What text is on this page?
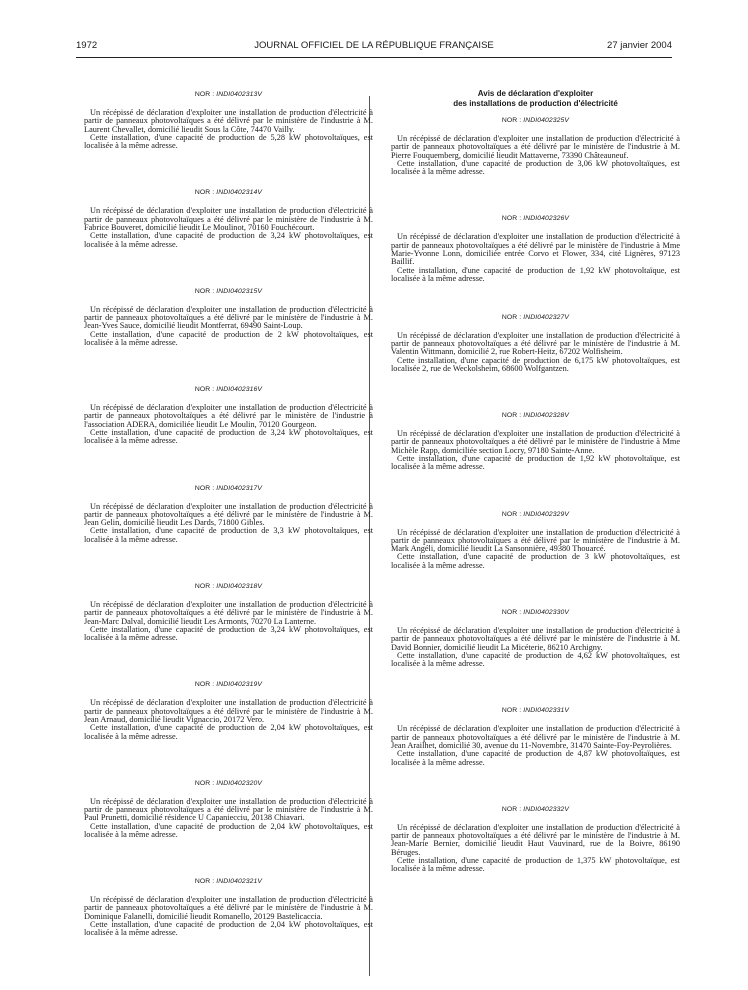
1972	JOURNAL OFFICIEL DE LA RÉPUBLIQUE FRANÇAISE	27 janvier 2004
NOR : INDI0402313V

Un récépissé de déclaration d'exploiter une installation de production d'électricité à partir de panneaux photovoltaïques a été délivré par le ministère de l'industrie à M. Laurent Chevallet, domicilié lieudit Sous la Côte, 74470 Vailly.

Cette installation, d'une capacité de production de 5,28 kW photovoltaïques, est localisée à la même adresse.

NOR : INDI0402314V

Un récépissé de déclaration d'exploiter une installation de production d'électricité à partir de panneaux photovoltaïques a été délivré par le ministère de l'industrie à M. Fabrice Bouveret, domicilié lieudit Le Moulinot, 70160 Fouchécourt.

Cette installation, d'une capacité de production de 3,24 kW photovoltaïques, est localisée à la même adresse.

NOR : INDI0402315V

Un récépissé de déclaration d'exploiter une installation de production d'électricité à partir de panneaux photovoltaïques a été délivré par le ministère de l'industrie à M. Jean-Yves Sauce, domicilié lieudit Montferrat, 69490 Saint-Loup.

Cette installation, d'une capacité de production de 2 kW photovoltaïques, est localisée à la même adresse.

NOR : INDI0402316V

Un récépissé de déclaration d'exploiter une installation de production d'électricité à partir de panneaux photovoltaïques a été délivré par le ministère de l'industrie à l'association ADERA, domiciliée lieudit Le Moulin, 70120 Gourgeon.

Cette installation, d'une capacité de production de 3,24 kW photovoltaïques, est localisée à la même adresse.

NOR : INDI0402317V

Un récépissé de déclaration d'exploiter une installation de production d'électricité à partir de panneaux photovoltaïques a été délivré par le ministère de l'industrie à M. Jean Gelin, domicilié lieudit Les Dards, 71800 Gibles.

Cette installation, d'une capacité de production de 3,3 kW photovoltaïques, est localisée à la même adresse.

NOR : INDI0402318V

Un récépissé de déclaration d'exploiter une installation de production d'électricité à partir de panneaux photovoltaïques a été délivré par le ministère de l'industrie à M. Jean-Marc Dalval, domicilié lieudit Les Armonts, 70270 La Lanterne.

Cette installation, d'une capacité de production de 3,24 kW photovoltaïques, est localisée à la même adresse.

NOR : INDI0402319V

Un récépissé de déclaration d'exploiter une installation de production d'électricité à partir de panneaux photovoltaïques a été délivré par le ministère de l'industrie à M. Jean Arnaud, domicilié lieudit Vignaccio, 20172 Vero.

Cette installation, d'une capacité de production de 2,04 kW photovoltaïques, est localisée à la même adresse.

NOR : INDI0402320V

Un récépissé de déclaration d'exploiter une installation de production d'électricité à partir de panneaux photovoltaïques a été délivré par le ministère de l'industrie à M. Paul Prunetti, domicilié résidence U Capaniecciu, 20138 Chiavari.

Cette installation, d'une capacité de production de 2,04 kW photovoltaïques, est localisée à la même adresse.

NOR : INDI0402321V

Un récépissé de déclaration d'exploiter une installation de production d'électricité à partir de panneaux photovoltaïques a été délivré par le ministère de l'industrie à M. Dominique Falanelli, domicilié lieudit Romanello, 20129 Bastelicaccia.

Cette installation, d'une capacité de production de 2,04 kW photovoltaïques, est localisée à la même adresse.

Avis de déclaration d'exploiter
des installations de production d'électricité
NOR : INDI0402325V

Un récépissé de déclaration d'exploiter une installation de production d'électricité à partir de panneaux photovoltaïques a été délivré par le ministère de l'industrie à M. Pierre Fouquemberg, domicilié lieudit Mattaverne, 73390 Châteauneuf.

Cette installation, d'une capacité de production de 3,06 kW photovoltaïques, est localisée à la même adresse.

NOR : INDI0402326V

Un récépissé de déclaration d'exploiter une installation de production d'électricité à partir de panneaux photovoltaïques a été délivré par le ministère de l'industrie à Mme Marie-Yvonne Lonn, domiciliée entrée Corvo et Flower, 334, cité Lignères, 97123 Baillif.

Cette installation, d'une capacité de production de 1,92 kW photovoltaïque, est localisée à la même adresse.

NOR : INDI0402327V

Un récépissé de déclaration d'exploiter une installation de production d'électricité à partir de panneaux photovoltaïques a été délivré par le ministère de l'industrie à M. Valentin Wittmann, domicilié 2, rue Robert-Heitz, 67202 Wolfisheim.

Cette installation, d'une capacité de production de 6,175 kW photovoltaïques, est localisée 2, rue de Weckolsheim, 68600 Wolfgantzen.

NOR : INDI0402328V

Un récépissé de déclaration d'exploiter une installation de production d'électricité à partir de panneaux photovoltaïques a été délivré par le ministère de l'industrie à Mme Michèle Rapp, domiciliée section Locry, 97180 Sainte-Anne.

Cette installation, d'une capacité de production de 1,92 kW photovoltaïque, est localisée à la même adresse.

NOR : INDI0402329V

Un récépissé de déclaration d'exploiter une installation de production d'électricité à partir de panneaux photovoltaïques a été délivré par le ministère de l'industrie à M. Mark Angéli, domicilié lieudit La Sansonnière, 49380 Thouarcé.

Cette installation, d'une capacité de production de 3 kW photovoltaïques, est localisée à la même adresse.

NOR : INDI0402330V

Un récépissé de déclaration d'exploiter une installation de production d'électricité à partir de panneaux photovoltaïques a été délivré par le ministère de l'industrie à M. David Bonnier, domicilié lieudit La Micéterie, 86210 Archigny.

Cette installation, d'une capacité de production de 4,62 kW photovoltaïques, est localisée à la même adresse.

NOR : INDI0402331V

Un récépissé de déclaration d'exploiter une installation de production d'électricité à partir de panneaux photovoltaïques a été délivré par le ministère de l'industrie à M. Jean Arailhet, domicilié 30, avenue du 11-Novembre, 31470 Sainte-Foy-Peyrolières.

Cette installation, d'une capacité de production de 4,87 kW photovoltaïques, est localisée à la même adresse.

NOR : INDI0402332V

Un récépissé de déclaration d'exploiter une installation de production d'électricité à partir de panneaux photovoltaïques a été délivré par le ministère de l'industrie à M. Jean-Marie Bernier, domicilié lieudit Haut Vauvinard, rue de la Boivre, 86190 Béruges.

Cette installation, d'une capacité de production de 1,375 kW photovoltaïque, est localisée à la même adresse.
